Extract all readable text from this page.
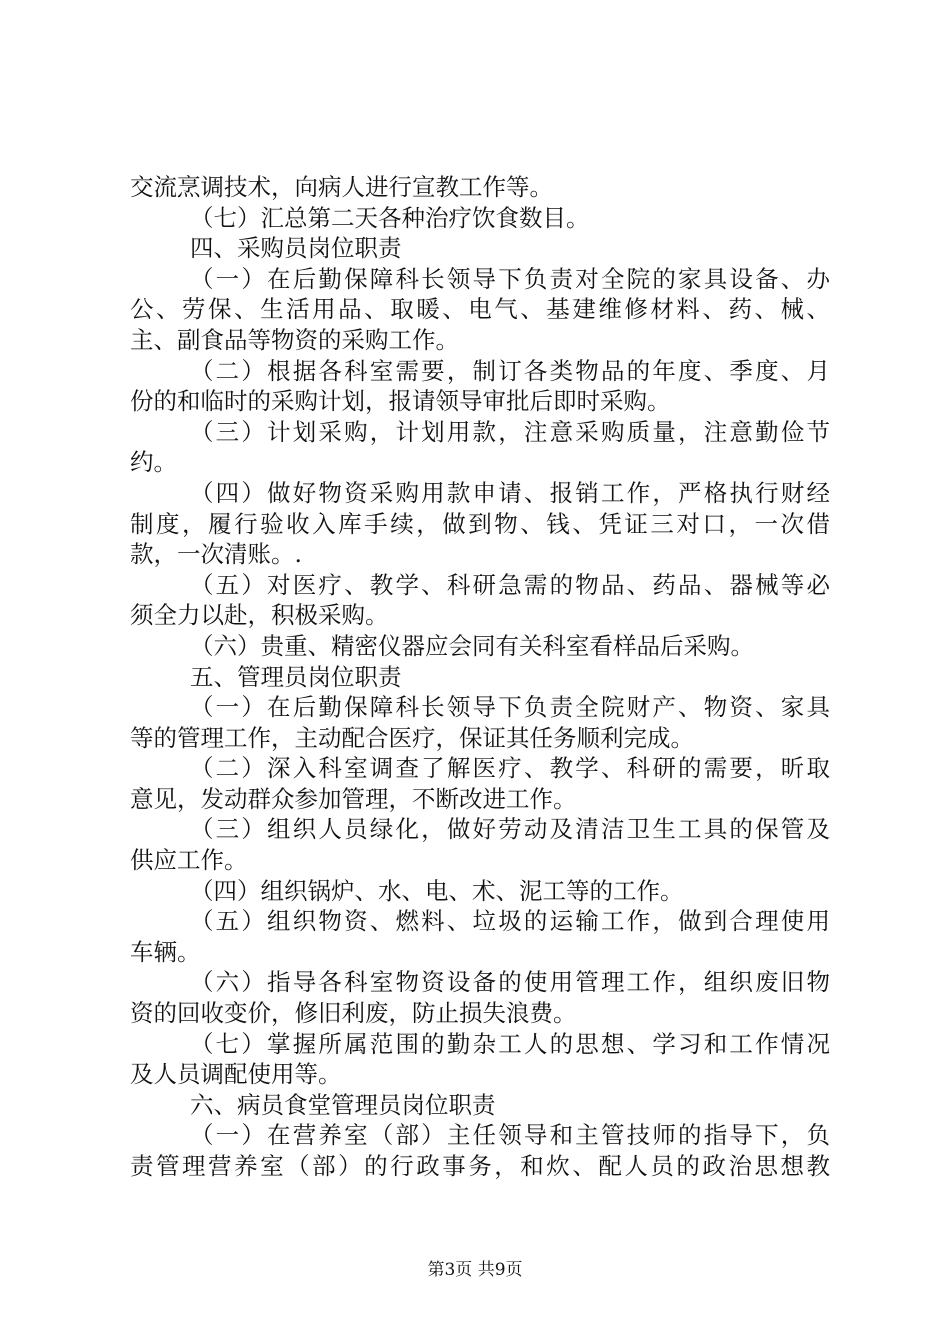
交流烹调技术，向病人进行宣教工作等。
（七）汇总第二天各种治疗饮食数目。
四、采购员岗位职责
（一）在后勤保障科长领导下负责对全院的家具设备、办
公、劳保、生活用品、取暖、电气、基建维修材料、药、械、
主、副食品等物资的采购工作。
（二）根据各科室需要，制订各类物品的年度、季度、月
份的和临时的采购计划，报请领导审批后即时采购。
（三）计划采购，计划用款，注意采购质量，注意勤俭节
约。
（四）做好物资采购用款申请、报销工作，严格执行财经
制度，履行验收入库手续，做到物、钱、凭证三对口，一次借
款，一次清账。.
（五）对医疗、教学、科研急需的物品、药品、器械等必
须全力以赴，积极采购。
（六）贵重、精密仪器应会同有关科室看样品后采购。
五、管理员岗位职责
（一）在后勤保障科长领导下负责全院财产、物资、家具
等的管理工作，主动配合医疗，保证其任务顺利完成。
（二）深入科室调查了解医疗、教学、科研的需要，昕取
意见，发动群众参加管理，不断改进工作。
（三）组织人员绿化，做好劳动及清洁卫生工具的保管及
供应工作。
（四）组织锅炉、水、电、术、泥工等的工作。
（五）组织物资、燃料、垃圾的运输工作，做到合理使用
车辆。
（六）指导各科室物资设备的使用管理工作，组织废旧物
资的回收变价，修旧利废，防止损失浪费。
（七）掌握所属范围的勤杂工人的思想、学习和工作情况
及人员调配使用等。
六、病员食堂管理员岗位职责
（一）在营养室（部）主任领导和主管技师的指导下，负
责管理营养室（部）的行政事务，和炊、配人员的政治思想教
第3页 共9页
